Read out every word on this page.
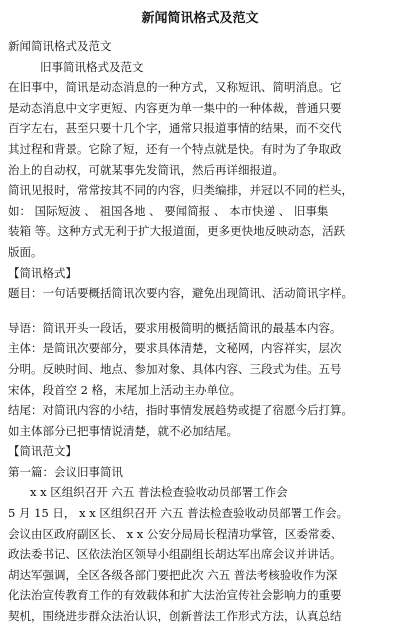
新闻简讯格式及范文
新闻简讯格式及范文
旧事简讯格式及范文
在旧事中，简讯是动态消息的一种方式，又称短讯、简明消息。它
是动态消息中文字更短、内容更为单一集中的一种体裁，普通只要
百字左右，甚至只要十几个字，通常只报道事情的结果，而不交代
其过程和背景。它除了短，还有一个特点就是快。有时为了争取政
治上的自动权，可就某事先发简讯，然后再详细报道。
简讯见报时，常常按其不同的内容，归类编排，并冠以不同的栏头，
如： 国际短波 、 祖国各地 、 要闻简报 、 本市快递 、 旧事集
装箱 等。这种方式无利于扩大报道面，更多更快地反映动态，活跃
版面。
【简讯格式】
题目：一句话要概括简讯次要内容，避免出现简讯、活动简讯字样。
导语：简讯开头一段话，要求用极简明的概括简讯的最基本内容。
主体：是简讯次要部分，要求具体清楚，文秘网，内容祥实，层次
分明。反映时间、地点、参加对象、具体内容、三段式为佳。五号
宋体，段首空 2 格，末尾加上活动主办单位。
结尾：对简讯内容的小结，指时事情发展趋势或提了宿愿今后打算。
如主体部分已把事情说清楚，就不必加结尾。
【简讯范文】
第一篇：会议旧事简讯
x x 区组织召开 六五 普法检查验收动员部署工作会
5 月 15 日， x x 区组织召开 六五 普法检查验收动员部署工作会。
会议由区政府副区长、 x x 公安分局局长程清功掌管，区委常委、
政法委书记、区依法治区领导小组副组长胡达军出席会议并讲话。
胡达军强调，全区各级各部门要把此次 六五 普法考核验收作为深
化法治宣传教育工作的有效载体和扩大法治宣传社会影响力的重要
契机，围绕进步群众法治认识，创新普法工作形式方法，认真总结
